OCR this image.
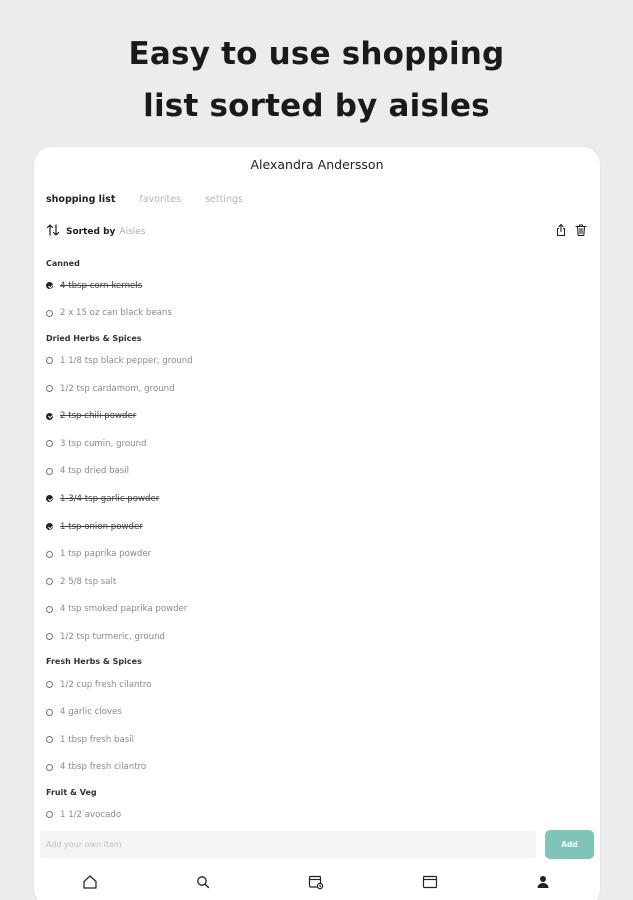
Easy to use shopping
list sorted by aisles
Alexandra Andersson
shopping list	favorites	settings
Sorted by Aisles
Canned
4 tbsp corn kernels
2 x 15 oz can black beans
Dried Herbs & Spices
1 1/8 tsp black pepper, ground
1/2 tsp cardamom, ground
2 tsp chili powder
3 tsp cumin, ground
4 tsp dried basil
1 3/4 tsp garlic powder
1 tsp onion powder
1 tsp paprika powder
2 5/8 tsp salt
4 tsp smoked paprika powder
1/2 tsp turmeric, ground
Fresh Herbs & Spices
1/2 cup fresh cilantro
4 garlic cloves
1 tbsp fresh basil
4 tbsp fresh cilantro
Fruit & Veg
1 1/2 avocado
Add your own item
Add
